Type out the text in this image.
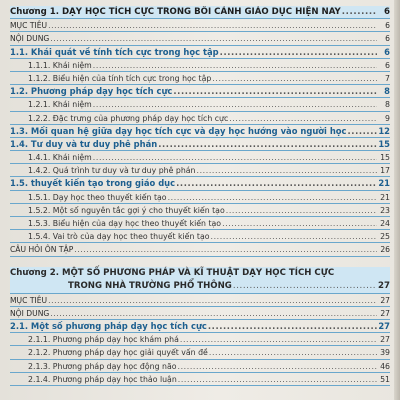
Chương 1. DẠY HỌC TÍCH CỰC TRONG BỐI CẢNH GIÁO DỤC HIỆN NAY .....	6
MỤC TIÊU .....	6
NỘI DUNG .....	6
1.1. Khái quát về tính tích cực trong học tập .....	6
1.1.1. Khái niệm .....	6
1.1.2. Biểu hiện của tính tích cực trong học tập .....	7
1.2. Phương pháp dạy học tích cực .....	8
1.2.1. Khái niệm .....	8
1.2.2. Đặc trưng của phương pháp dạy học tích cực .....	9
1.3. Mối quan hệ giữa dạy học tích cực và dạy học hướng vào người học .....	12
1.4. Tư duy và tư duy phê phán .....	15
1.4.1. Khái niệm .....	15
1.4.2. Quá trình tư duy và tư duy phê phán .....	17
1.5. thuyết kiến tạo trong giáo dục .....	21
1.5.1. Dạy học theo thuyết kiến tạo .....	21
1.5.2. Một số nguyên tắc gợi ý cho thuyết kiến tạo .....	23
1.5.3. Biểu hiện của dạy học theo thuyết kiến tạo .....	24
1.5.4. Vai trò của dạy học theo thuyết kiến tạo .....	25
CÂU HỎI ÔN TẬP .....	26
Chương 2. MỘT SỐ PHƯƠNG PHÁP VÀ KĨ THUẬT DẠY HỌC TÍCH CỰC
TRONG NHÀ TRƯỜNG PHỔ THÔNG .....	27
MỤC TIÊU .....	27
NỘI DUNG .....	27
2.1. Một số phương pháp dạy học tích cực .....	27
2.1.1. Phương pháp dạy học khám phá .....	27
2.1.2. Phương pháp dạy học giải quyết vấn đề .....	39
2.1.3. Phương pháp dạy học động não .....	46
2.1.4. Phương pháp dạy học thảo luận .....	51
